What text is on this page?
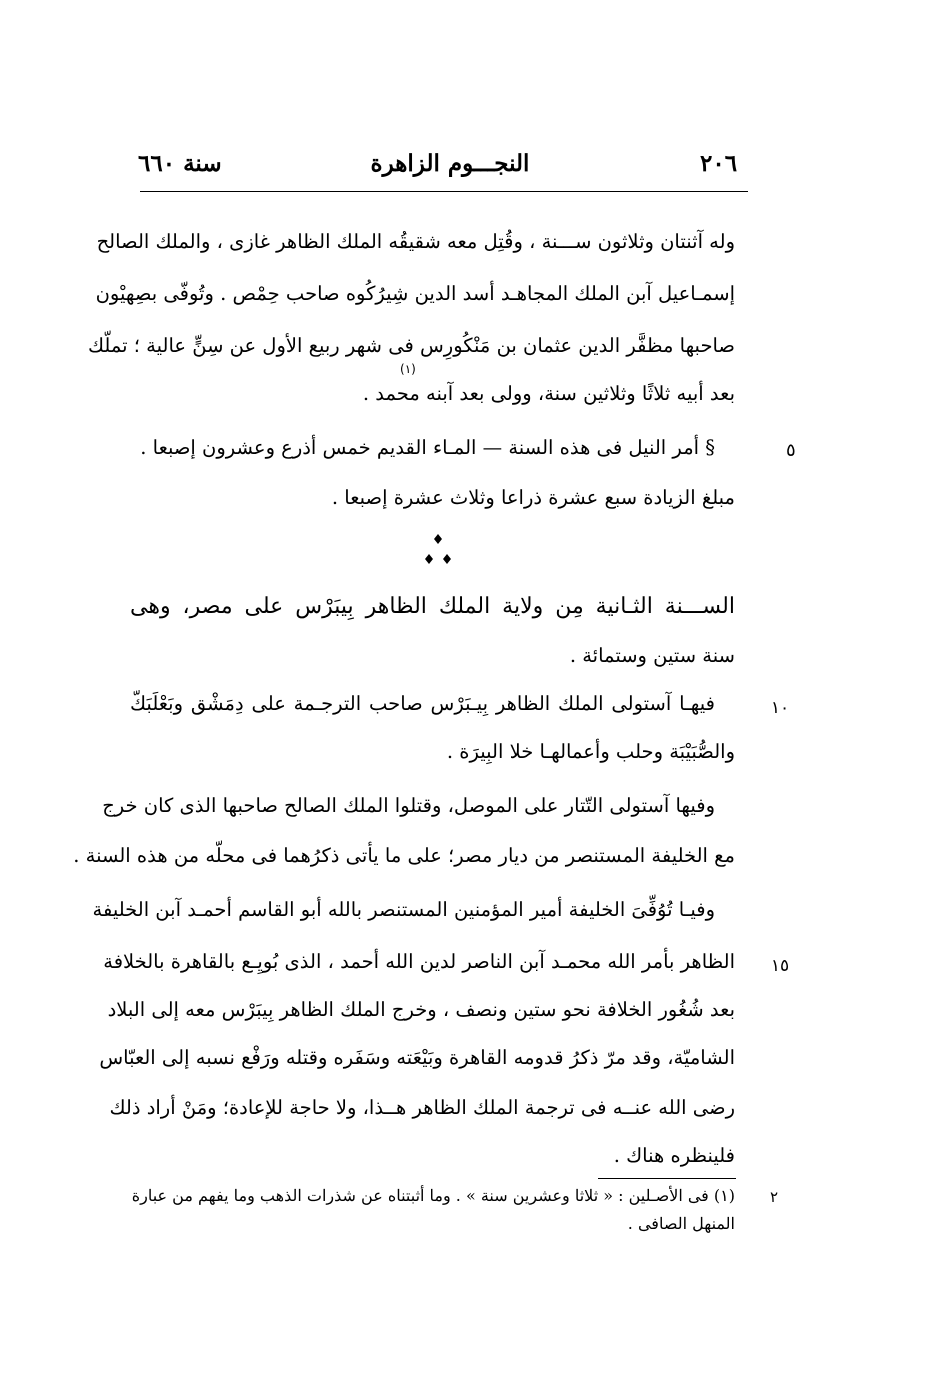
٢٠٦
النجـــوم الزاهرة
سنة ٦٦٠
وله آثنتان وثلاثون ســـنة ، وقُتِل معه شقيقُه الملك الظاهر غازى ، والملك الصالح
إسمـاعيل آبن الملك المجاهـد أسد الدين شِيرُكُوه صاحب حِمْص . وتُوفّى بصِهيْون
صاحبها مظفَّر الدين عثمان بن مَنْكُورِس فى شهر ربيع الأول عن سِنٍّ عالية ؛ تملّك
(١)
بعد أبيه ثلاثًا وثلاثين سنة، وولى بعد آبنه محمد .
٥
§ أمر النيل فى هذه السنة — المـاء القديم خمس أذرع وعشرون إصبعا .
مبلغ الزيادة سبع عشرة ذراعا وثلاث عشرة إصبعا .
الســـنة الثـانية مِن ولاية الملك الظاهر بِيبَرْس على مصر، وهى
سنة ستين وستمائة .
١٠
فيهـا آستولى الملك الظاهر بِيـبَرْس صاحب الترجـمة على دِمَشْق وبَعْلَبَكّ
والصُّبَيْبَة وحلب وأعمالهـا خلا البِيرَة .
وفيها آستولى التّتار على الموصل، وقتلوا الملك الصالح صاحبها الذى كان خرج
مع الخليفة المستنصر من ديار مصر؛ على ما يأتى ذكرُهما فى محلّه من هذه السنة .
وفيـا تُوُفِّىَ الخليفة أمير المؤمنين المستنصر بالله أبو القاسم أحمـد آبن الخليفة
١٥
الظاهر بأمر الله محمـد آبن الناصر لدين الله أحمد ، الذى بُويِـع بالقاهرة بالخلافة
بعد شُغُور الخلافة نحو ستين ونصف ، وخرج الملك الظاهر بِيبَرْس معه إلى البلاد
الشاميّة، وقد مرّ ذكرُ قدومه القاهرة وبَيْعَته وسَفَره وقتله ورَفْع نسبه إلى العبّاس
رضى الله عنــه فى ترجمة الملك الظاهر هــذا، ولا حاجة للإعادة؛ ومَنْ أراد ذلك
فلينظره هناك .
٢
(١) فى الأصـلين : « ثلاثا وعشرين سنة » . وما أثبتناه عن شذرات الذهب وما يفهم من عبارة
المنهل الصافى .
